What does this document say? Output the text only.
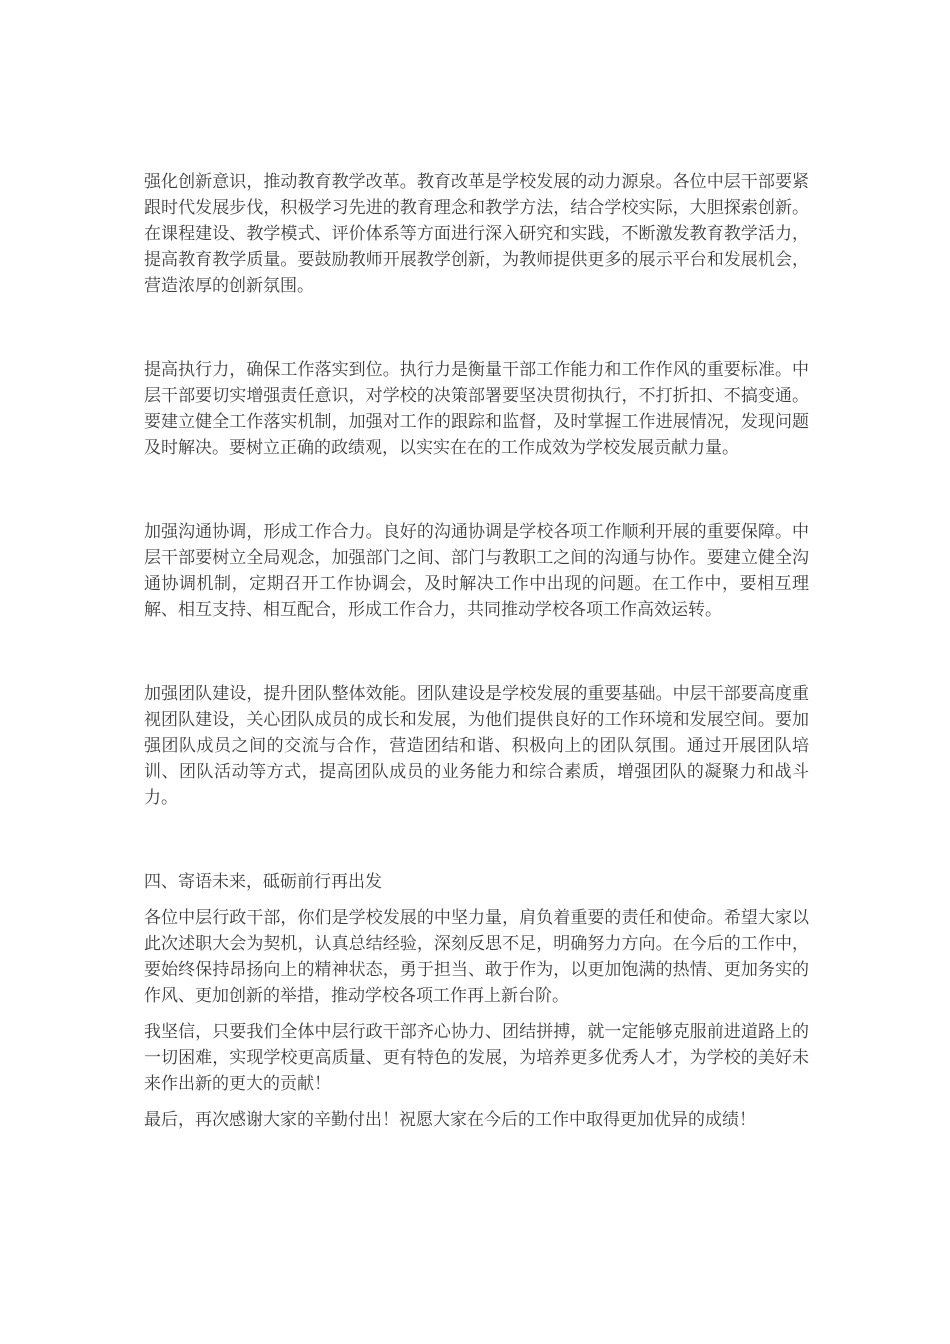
强化创新意识，推动教育教学改革。教育改革是学校发展的动力源泉。各位中层干部要紧跟时代发展步伐，积极学习先进的教育理念和教学方法，结合学校实际，大胆探索创新。在课程建设、教学模式、评价体系等方面进行深入研究和实践，不断激发教育教学活力，提高教育教学质量。要鼓励教师开展教学创新，为教师提供更多的展示平台和发展机会，营造浓厚的创新氛围。

提高执行力，确保工作落实到位。执行力是衡量干部工作能力和工作作风的重要标准。中层干部要切实增强责任意识，对学校的决策部署要坚决贯彻执行，不打折扣、不搞变通。要建立健全工作落实机制，加强对工作的跟踪和监督，及时掌握工作进展情况，发现问题及时解决。要树立正确的政绩观，以实实在在的工作成效为学校发展贡献力量。

加强沟通协调，形成工作合力。良好的沟通协调是学校各项工作顺利开展的重要保障。中层干部要树立全局观念，加强部门之间、部门与教职工之间的沟通与协作。要建立健全沟通协调机制，定期召开工作协调会，及时解决工作中出现的问题。在工作中，要相互理解、相互支持、相互配合，形成工作合力，共同推动学校各项工作高效运转。

加强团队建设，提升团队整体效能。团队建设是学校发展的重要基础。中层干部要高度重视团队建设，关心团队成员的成长和发展，为他们提供良好的工作环境和发展空间。要加强团队成员之间的交流与合作，营造团结和谐、积极向上的团队氛围。通过开展团队培训、团队活动等方式，提高团队成员的业务能力和综合素质，增强团队的凝聚力和战斗力。

四、寄语未来，砥砺前行再出发

各位中层行政干部，你们是学校发展的中坚力量，肩负着重要的责任和使命。希望大家以此次述职大会为契机，认真总结经验，深刻反思不足，明确努力方向。在今后的工作中，要始终保持昂扬向上的精神状态，勇于担当、敢于作为，以更加饱满的热情、更加务实的作风、更加创新的举措，推动学校各项工作再上新台阶。

我坚信，只要我们全体中层行政干部齐心协力、团结拼搏，就一定能够克服前进道路上的一切困难，实现学校更高质量、更有特色的发展，为培养更多优秀人才，为学校的美好未来作出新的更大的贡献！

最后，再次感谢大家的辛勤付出！祝愿大家在今后的工作中取得更加优异的成绩！
